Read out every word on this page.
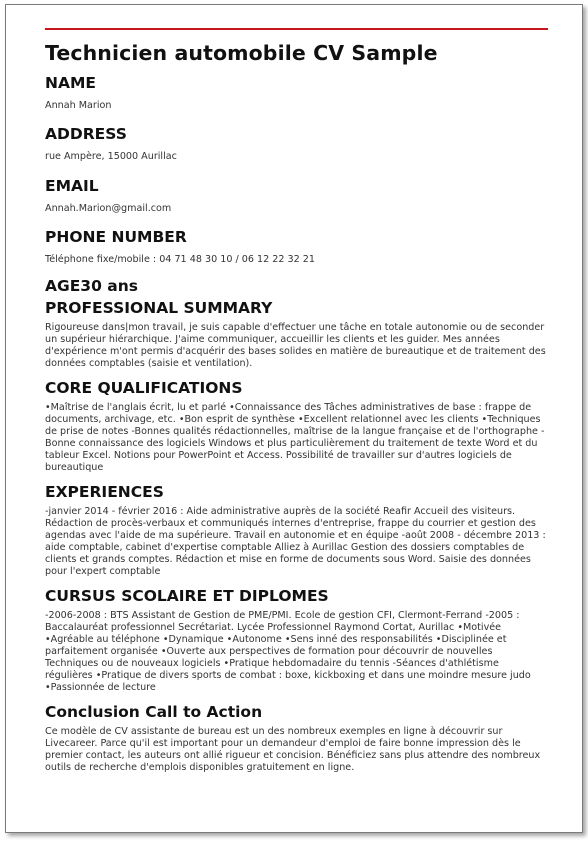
Technicien automobile CV Sample
NAME

Annah Marion

ADDRESS

rue Ampère, 15000 Aurillac

EMAIL

Annah.Marion@gmail.com

PHONE NUMBER

Téléphone fixe/mobile : 04 71 48 30 10 / 06 12 22 32 21

AGE30 ans
PROFESSIONAL SUMMARY

Rigoureuse dans|mon travail, je suis capable d'effectuer une tâche en totale autonomie ou de seconder un supérieur hiérarchique. J'aime communiquer, accueillir les clients et les guider. Mes années d'expérience m'ont permis d'acquérir des bases solides en matière de bureautique et de traitement des données comptables (saisie et ventilation).

CORE QUALIFICATIONS

•Maîtrise de l'anglais écrit, lu et parlé •Connaissance des Tâches administratives de base : frappe de documents, archivage, etc. •Bon esprit de synthèse •Excellent relationnel avec les clients •Techniques de prise de notes -Bonnes qualités rédactionnelles, maîtrise de la langue française et de l'orthographe -Bonne connaissance des logiciels Windows et plus particulièrement du traitement de texte Word et du tableur Excel. Notions pour PowerPoint et Access. Possibilité de travailler sur d'autres logiciels de bureautique

EXPERIENCES

-janvier 2014 - février 2016 : Aide administrative auprès de la société Reafir Accueil des visiteurs. Rédaction de procès-verbaux et communiqués internes d'entreprise, frappe du courrier et gestion des agendas avec l'aide de ma supérieure. Travail en autonomie et en équipe -août 2008 - décembre 2013 : aide comptable, cabinet d'expertise comptable Alliez à Aurillac Gestion des dossiers comptables de clients et grands comptes. Rédaction et mise en forme de documents sous Word. Saisie des données pour l'expert comptable

CURSUS SCOLAIRE ET DIPLOMES

-2006-2008 : BTS Assistant de Gestion de PME/PMI. Ecole de gestion CFI, Clermont-Ferrand -2005 : Baccalauréat professionnel Secrétariat. Lycée Professionnel Raymond Cortat, Aurillac •Motivée •Agréable au téléphone •Dynamique •Autonome •Sens inné des responsabilités •Disciplinée et parfaitement organisée •Ouverte aux perspectives de formation pour découvrir de nouvelles Techniques ou de nouveaux logiciels •Pratique hebdomadaire du tennis -Séances d'athlétisme régulières •Pratique de divers sports de combat : boxe, kickboxing et dans une moindre mesure judo •Passionnée de lecture

Conclusion Call to Action

Ce modèle de CV assistante de bureau est un des nombreux exemples en ligne à découvrir sur Livecareer. Parce qu'il est important pour un demandeur d'emploi de faire bonne impression dès le premier contact, les auteurs ont allié rigueur et concision. Bénéficiez sans plus attendre des nombreux outils de recherche d'emplois disponibles gratuitement en ligne.
